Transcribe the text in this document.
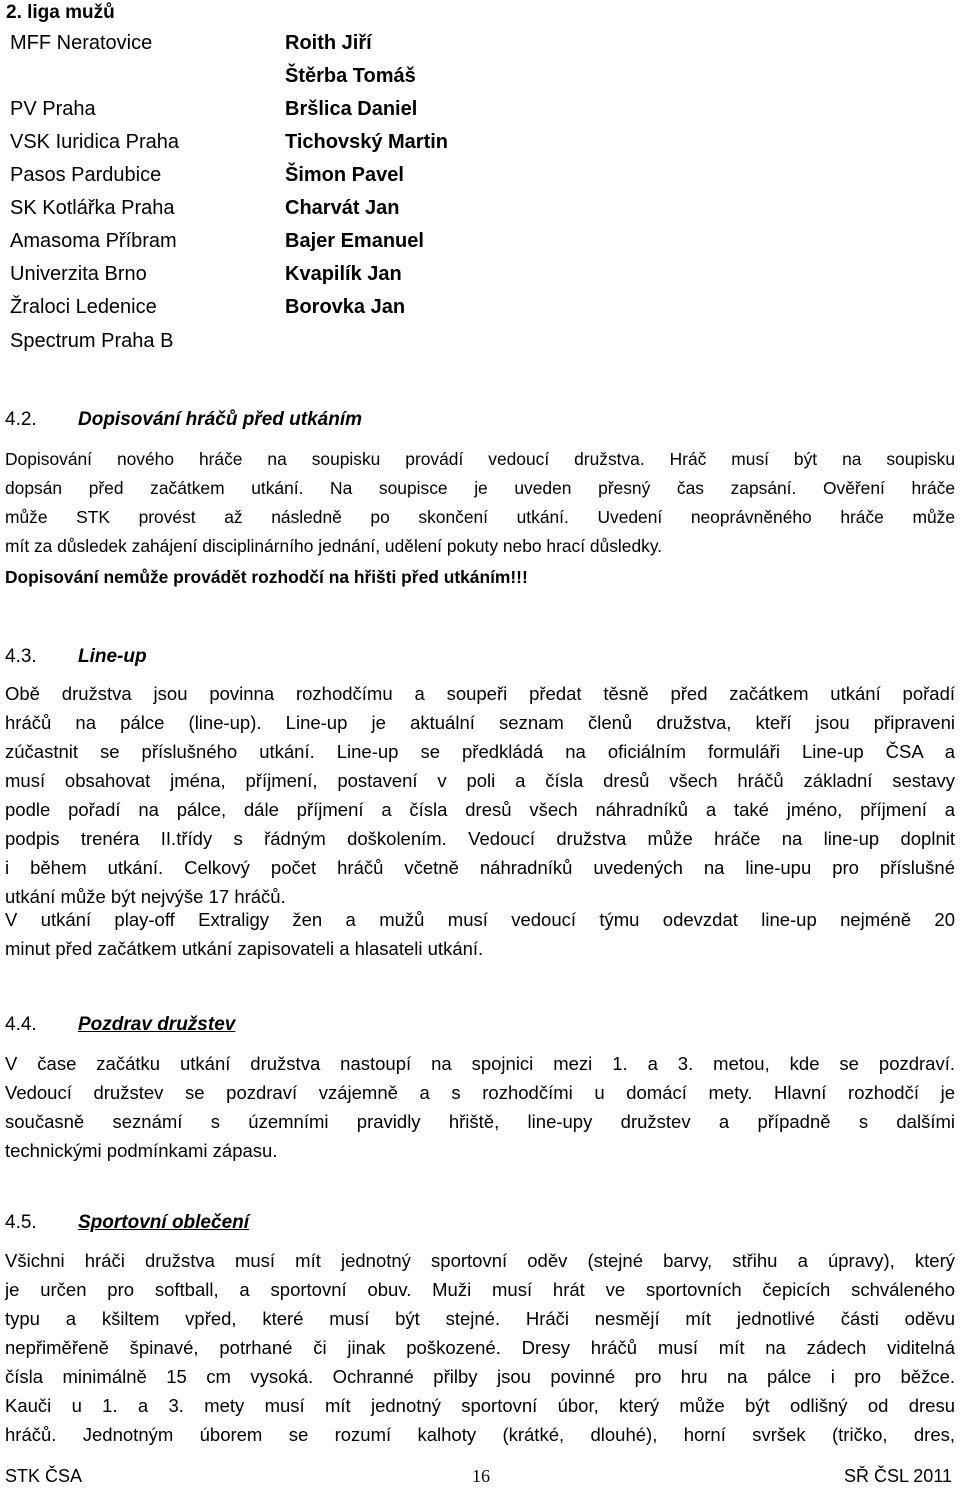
2. liga mužů
MFF Neratovice
PV Praha
VSK Iuridica Praha
Pasos Pardubice
SK Kotlářka Praha
Amasoma Příbram
Univerzita Brno
Žraloci Ledenice
Spectrum Praha B
Roith Jiří
Štěrba Tomáš
Bršlica Daniel
Tichovský Martin
Šimon Pavel
Charvát Jan
Bajer Emanuel
Kvapilík Jan
Borovka Jan
4.2. Dopisování hráčů před utkáním
Dopisování nového hráče na soupisku provádí vedoucí družstva. Hráč musí být na soupisku
dopsán před začátkem utkání. Na soupisce je uveden přesný čas zapsání. Ověření hráče
může STK provést až následně po skončení utkání. Uvedení neoprávněného hráče může
mít za důsledek zahájení disciplinárního jednání, udělení pokuty nebo hrací důsledky.
Dopisování nemůže provádět rozhodčí na hřišti před utkáním!!!
4.3. Line-up
Obě družstva jsou povinna rozhodčímu a soupeři předat těsně před začátkem utkání pořadí
hráčů na pálce (line-up). Line-up je aktuální seznam členů družstva, kteří jsou připraveni
zúčastnit se příslušného utkání. Line-up se předkládá na oficiálním formuláři Line-up ČSA a
musí obsahovat jména, příjmení, postavení v poli a čísla dresů všech hráčů základní sestavy
podle pořadí na pálce, dále příjmení a čísla dresů všech náhradníků a také jméno, příjmení a
podpis trenéra II.třídy s řádným doškolením. Vedoucí družstva může hráče na line-up doplnit
i během utkání. Celkový počet hráčů včetně náhradníků uvedených na line-upu pro příslušné
utkání může být nejvýše 17 hráčů.
V utkání play-off Extraligy žen a mužů musí vedoucí týmu odevzdat line-up nejméně 20
minut před začátkem utkání zapisovateli a hlasateli utkání.
4.4. Pozdrav družstev
V čase začátku utkání družstva nastoupí na spojnici mezi 1. a 3. metou, kde se pozdraví.
Vedoucí družstev se pozdraví vzájemně a s rozhodčími u domácí mety. Hlavní rozhodčí je
současně seznámí s územními pravidly hřiště, line-upy družstev a případně s dalšími
technickými podmínkami zápasu.
4.5. Sportovní oblečení
Všichni hráči družstva musí mít jednotný sportovní oděv (stejné barvy, střihu a úpravy), který
je určen pro softball, a sportovní obuv. Muži musí hrát ve sportovních čepicích schváleného
typu a kšiltem vpřed, které musí být stejné. Hráči nesmějí mít jednotlivé části oděvu
nepřiměřeně špinavé, potrhané či jinak poškozené. Dresy hráčů musí mít na zádech viditelná
čísla minimálně 15 cm vysoká. Ochranné přilby jsou povinné pro hru na pálce i pro běžce.
Kauči u 1. a 3. mety musí mít jednotný sportovní úbor, který může být odlišný od dresu
hráčů. Jednotným úborem se rozumí kalhoty (krátké, dlouhé), horní svršek (tričko, dres,
STK ČSA	16	SŘ ČSL 2011
